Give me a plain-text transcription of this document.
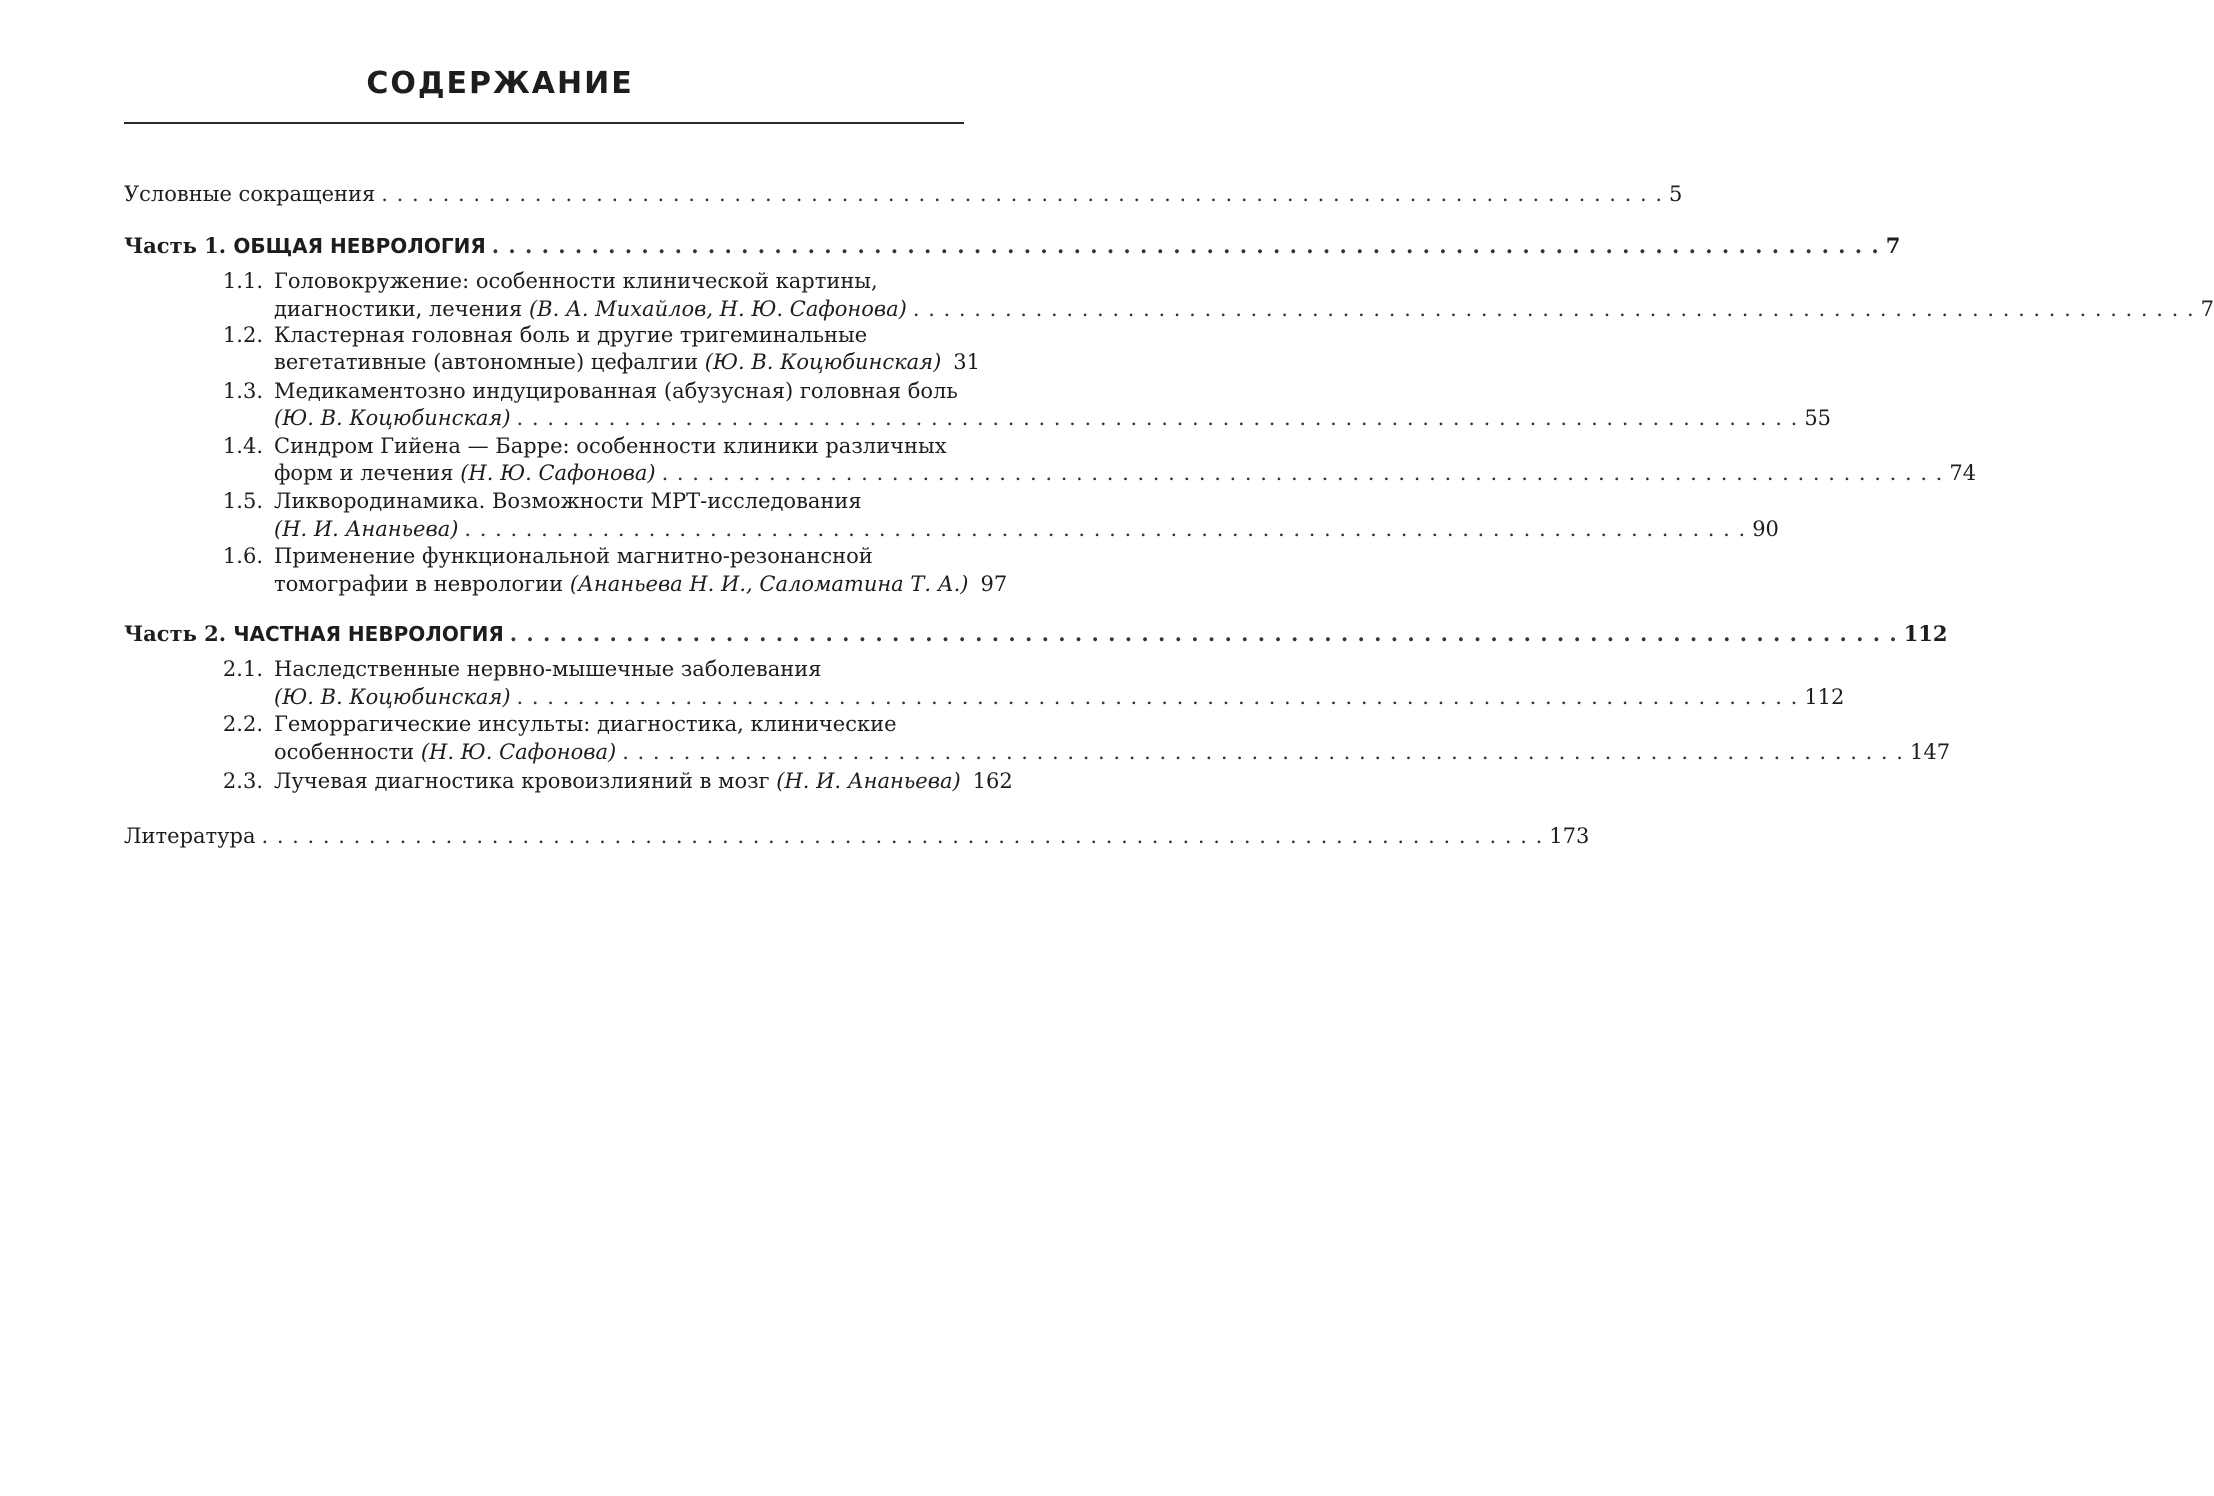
СОДЕРЖАНИЕ
Условные сокращения . . .	5
Часть 1. ОБЩАЯ НЕВРОЛОГИЯ . . .	7
1.1. Головокружение: особенности клинической картины,
диагностики, лечения (В. А. Михайлов, Н. Ю. Сафонова) . . .	7
1.2. Кластерная головная боль и другие тригеминальные
вегетативные (автономные) цефалгии (Ю. В. Коцюбинская) 31
1.3. Медикаментозно индуцированная (абузусная) головная боль
(Ю. В. Коцюбинская) . . .	55
1.4. Синдром Гийена — Барре: особенности клиники различных
форм и лечения (Н. Ю. Сафонова) . . .	74
1.5. Ликвородинамика. Возможности МРТ-исследования
(Н. И. Ананьева) . . .	90
1.6. Применение функциональной магнитно-резонансной
томографии в неврологии (Ананьева Н. И., Саломатина Т. А.) 97
Часть 2. ЧАСТНАЯ НЕВРОЛОГИЯ . . .	112
2.1. Наследственные нервно-мышечные заболевания
(Ю. В. Коцюбинская) . . .	112
2.2. Геморрагические инсульты: диагностика, клинические
особенности (Н. Ю. Сафонова) . . .	147
2.3. Лучевая диагностика кровоизлияний в мозг (Н. И. Ананьева) 162
Литература . . .	173
